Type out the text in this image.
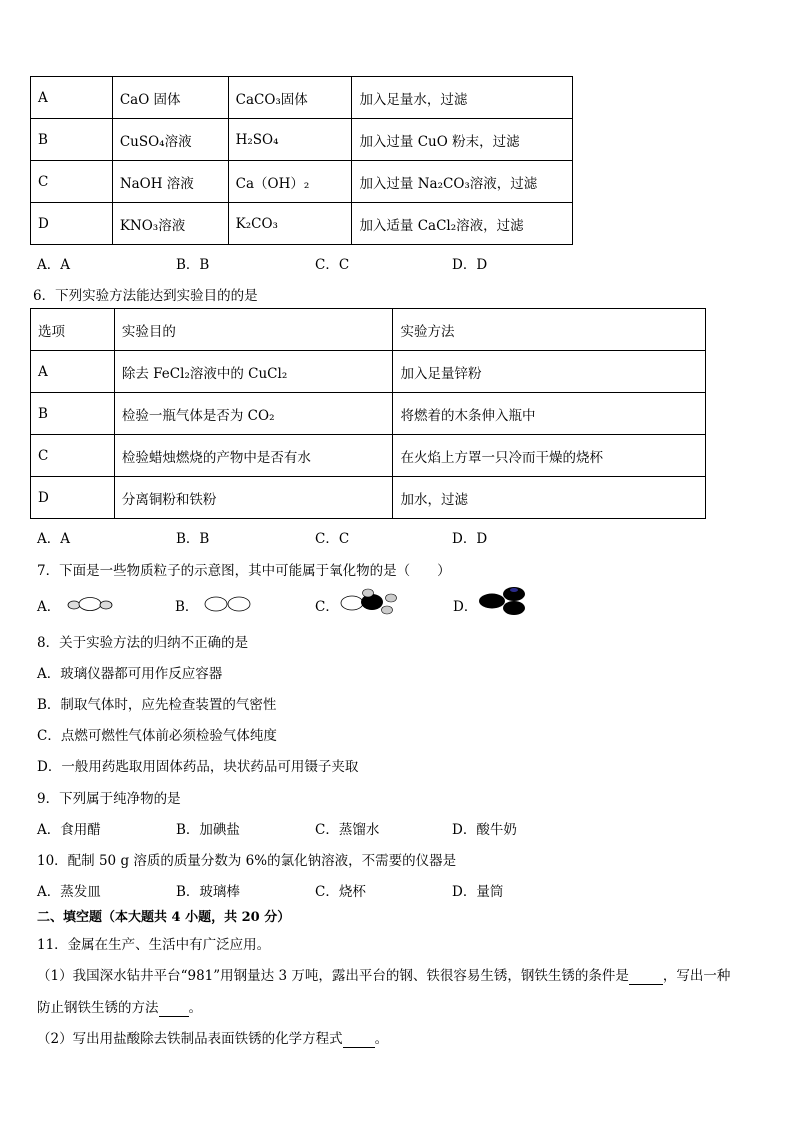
A	CaO 固体	CaCO₃固体	加入足量水，过滤
B	CuSO₄溶液	H₂SO₄	加入过量 CuO 粉末，过滤
C	NaOH 溶液	Ca（OH）₂	加入过量 Na₂CO₃溶液，过滤
D	KNO₃溶液	K₂CO₃	加入适量 CaCl₂溶液，过滤
A．A	B．B	C．C	D．D
6．下列实验方法能达到实验目的的是
选项	实验目的	实验方法
A	除去 FeCl₂溶液中的 CuCl₂	加入足量锌粉
B	检验一瓶气体是否为 CO₂	将燃着的木条伸入瓶中
C	检验蜡烛燃烧的产物中是否有水	在火焰上方罩一只冷而干燥的烧杯
D	分离铜粉和铁粉	加水，过滤
A．A	B．B	C．C	D．D
7．下面是一些物质粒子的示意图，其中可能属于氧化物的是（　　）
A．	B．	C．	D．
8．关于实验方法的归纳不正确的是
A．玻璃仪器都可用作反应容器
B．制取气体时，应先检查装置的气密性
C．点燃可燃性气体前必须检验气体纯度
D．一般用药匙取用固体药品，块状药品可用镊子夹取
9．下列属于纯净物的是
A．食用醋	B．加碘盐	C．蒸馏水	D．酸牛奶
10．配制 50 g 溶质的质量分数为 6%的氯化钠溶液，不需要的仪器是
A．蒸发皿	B．玻璃棒	C．烧杯	D．量筒
二、填空题（本大题共 4 小题，共 20 分）
11．金属在生产、生活中有广泛应用。
（1）我国深水钻井平台“981”用钢量达 3 万吨，露出平台的钢、铁很容易生锈，钢铁生锈的条件是	，写出一种
防止钢铁生锈的方法 。
（2）写出用盐酸除去铁制品表面铁锈的化学方程式 。
